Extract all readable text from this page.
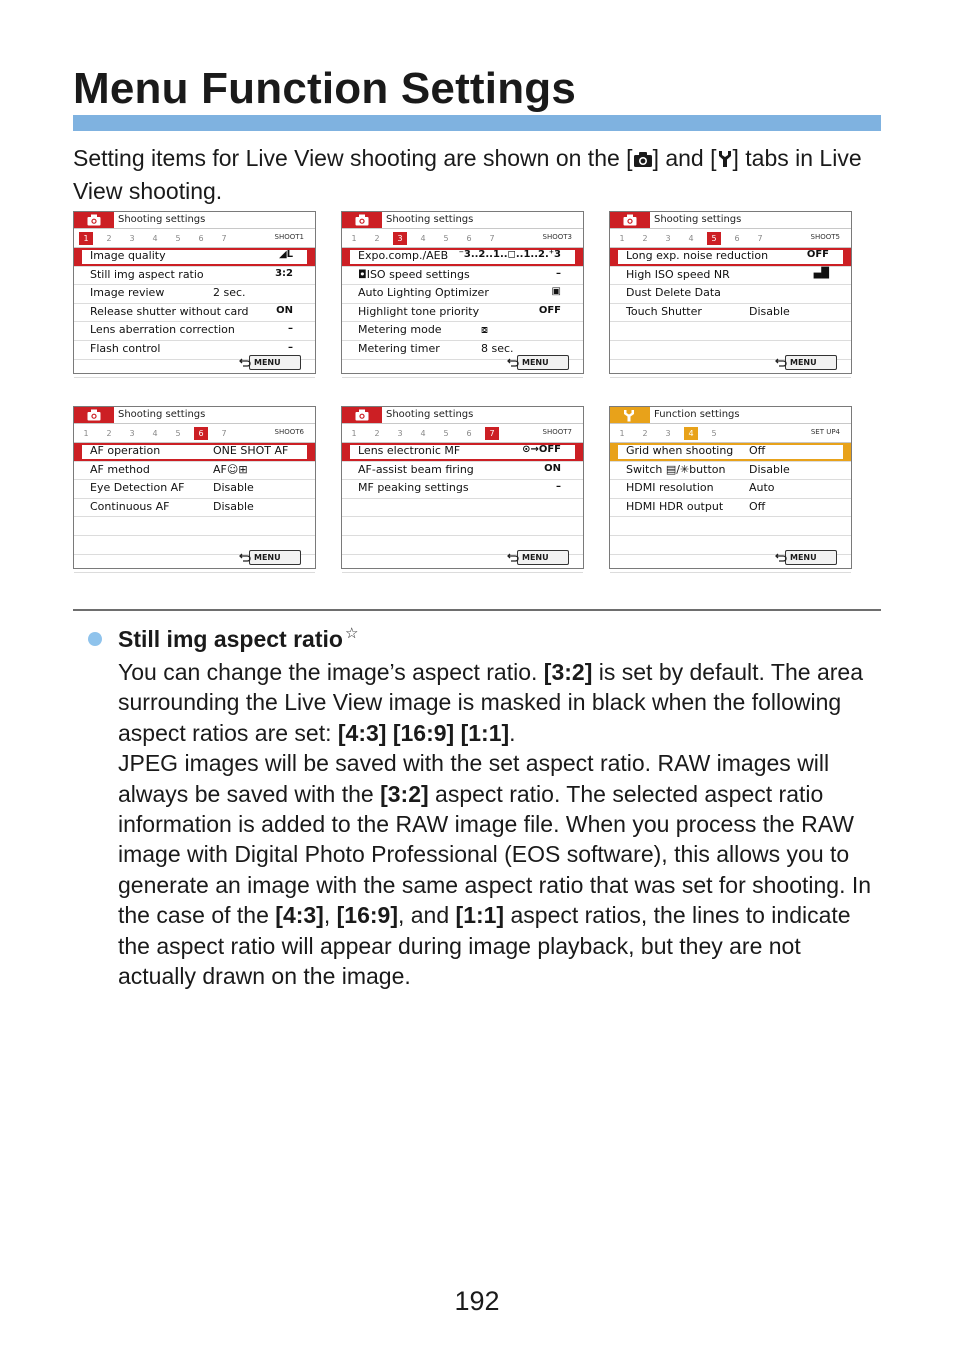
Menu Function Settings
Setting items for Live View shooting are shown on the [ ] and [ ] tabs in Live View shooting.
Shooting settings
1	2	3	4	5	6	7	SHOOT1
Image quality	◢L
Still img aspect ratio	3:2
Image review	2 sec.
Release shutter without card	ON
Lens aberration correction	–
Flash control	–
MENU
Shooting settings
1	2	3	4	5	6	7	SHOOT3
Expo.comp./AEB ⁻3..2..1..◻..1..2.⁺3
◘ISO speed settings	–
Auto Lighting Optimizer	▣
Highlight tone priority	OFF
Metering mode	⧇
Metering timer	8 sec.
MENU
Shooting settings
1	2	3	4	5	6	7	SHOOT5
Long exp. noise reduction	OFF
High ISO speed NR	▄█
Dust Delete Data
Touch Shutter	Disable
MENU
Shooting settings
1	2	3	4	5	6	7	SHOOT6
AF operation	ONE SHOT AF
AF method	AF☺⊞
Eye Detection AF	Disable
Continuous AF	Disable
MENU
Shooting settings
1	2	3	4	5	6	7	SHOOT7
Lens electronic MF	⊙→OFF
AF-assist beam firing	ON
MF peaking settings	–
MENU
Function settings
1	2	3	4	5	SET UP4
Grid when shooting Off
Switch ▤/✳button Disable
HDMI resolution	Auto
HDMI HDR output Off
MENU
Still img aspect ratio ☆
You can change the image’s aspect ratio. [3:2] is set by default. The area surrounding the Live View image is masked in black when the following aspect ratios are set: [4:3] [16:9] [1:1].
JPEG images will be saved with the set aspect ratio. RAW images will always be saved with the [3:2] aspect ratio. The selected aspect ratio information is added to the RAW image file. When you process the RAW image with Digital Photo Professional (EOS software), this allows you to generate an image with the same aspect ratio that was set for shooting. In the case of the [4:3], [16:9], and [1:1] aspect ratios, the lines to indicate the aspect ratio will appear during image playback, but they are not actually drawn on the image.
192
